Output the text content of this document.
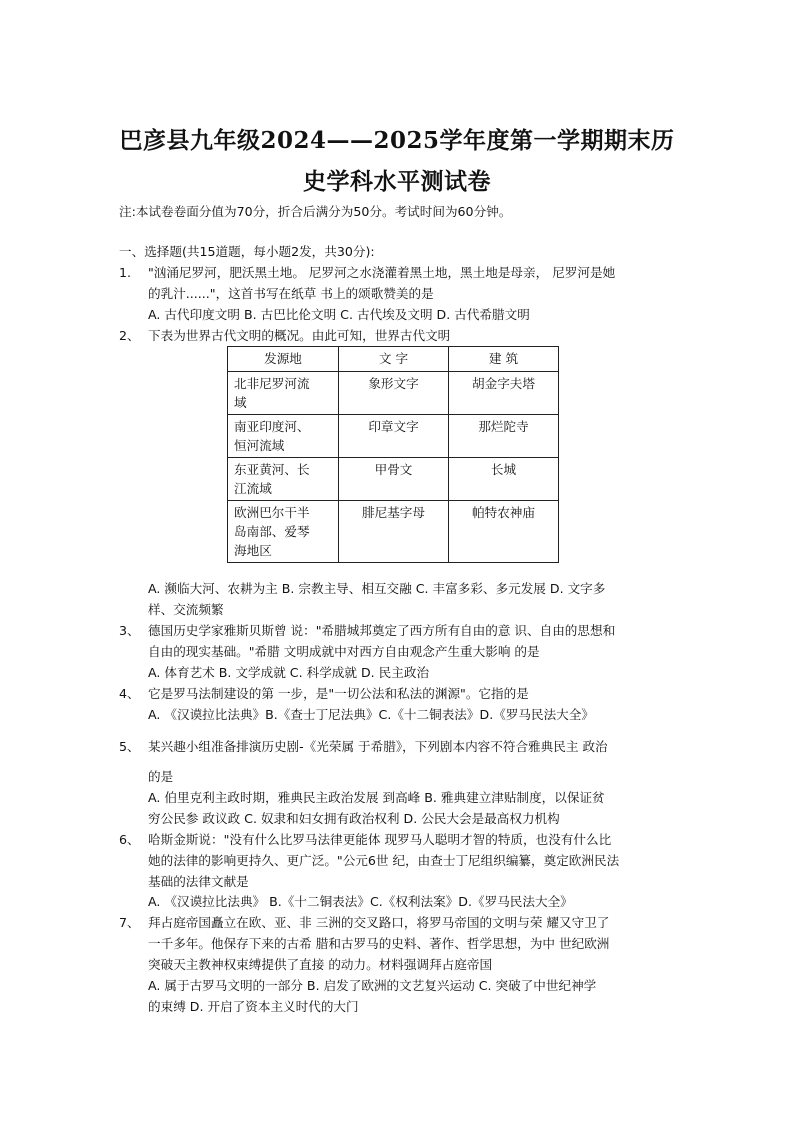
巴彦县九年级2024——2025学年度第一学期期末历
史学科水平测试卷
注:本试卷卷面分值为70分，折合后满分为50分。考试时间为60分钟。
一、选择题(共15道题，每小题2发，共30分):
1. "汹涌尼罗河，肥沃黑土地。 尼罗河之水浇灌着黑土地，黑土地是母亲， 尼罗河是她
的乳汁......"，这首书写在纸草 书上的颂歌赞美的是
A. 古代印度文明 B. 古巴比伦文明 C. 古代埃及文明 D. 古代希腊文明
2、 下表为世界古代文明的概况。由此可知，世界古代文明
发源地	文 字	建 筑
北非尼罗河流
域	象形文字	胡金字夫塔
南亚印度河、
恒河流域	印章文字	那烂陀寺
东亚黄河、长
江流域	甲骨文	长城
欧洲巴尔干半
岛南部、爱琴
海地区	腓尼基字母	帕特农神庙
A. 濒临大河、农耕为主 B. 宗教主导、相互交融 C. 丰富多彩、多元发展 D. 文字多
样、交流频繁
3、 德国历史学家雅斯贝斯曾 说："希腊城邦奠定了西方所有自由的意 识、自由的思想和
自由的现实基础。"希腊 文明成就中对西方自由观念产生重大影响 的是
A. 体育艺术 B. 文学成就 C. 科学成就 D. 民主政治
4、 它是罗马法制建设的第 一步，是"一切公法和私法的渊源"。它指的是
A. 《汉谟拉比法典》B.《查士丁尼法典》C.《十二铜表法》D.《罗马民法大全》
5、 某兴趣小组准备排演历史剧-《光荣属 于希腊》，下列剧本内容不符合雅典民主 政治
的是
A. 伯里克利主政时期，雅典民主政治发展 到高峰 B. 雅典建立津贴制度，以保证贫
穷公民参 政议政 C. 奴隶和妇女拥有政治权利 D. 公民大会是最高权力机构
6、 哈斯金斯说："没有什么比罗马法律更能体 现罗马人聪明才智的特质，也没有什么比
她的法律的影响更持久、更广泛。"公元6世 纪，由查士丁尼组织编纂，奠定欧洲民法
基础的法律文献是
A. 《汉谟拉比法典》 B.《十二铜表法》C.《权利法案》D.《罗马民法大全》
7、 拜占庭帝国矗立在欧、亚、非 三洲的交叉路口，将罗马帝国的文明与荣 耀又守卫了
一千多年。他保存下来的古希 腊和古罗马的史料、著作、哲学思想，为中 世纪欧洲
突破天主教神权束缚提供了直接 的动力。材料强调拜占庭帝国
A. 属于古罗马文明的一部分 B. 启发了欧洲的文艺复兴运动 C. 突破了中世纪神学
的束缚 D. 开启了资本主义时代的大门
